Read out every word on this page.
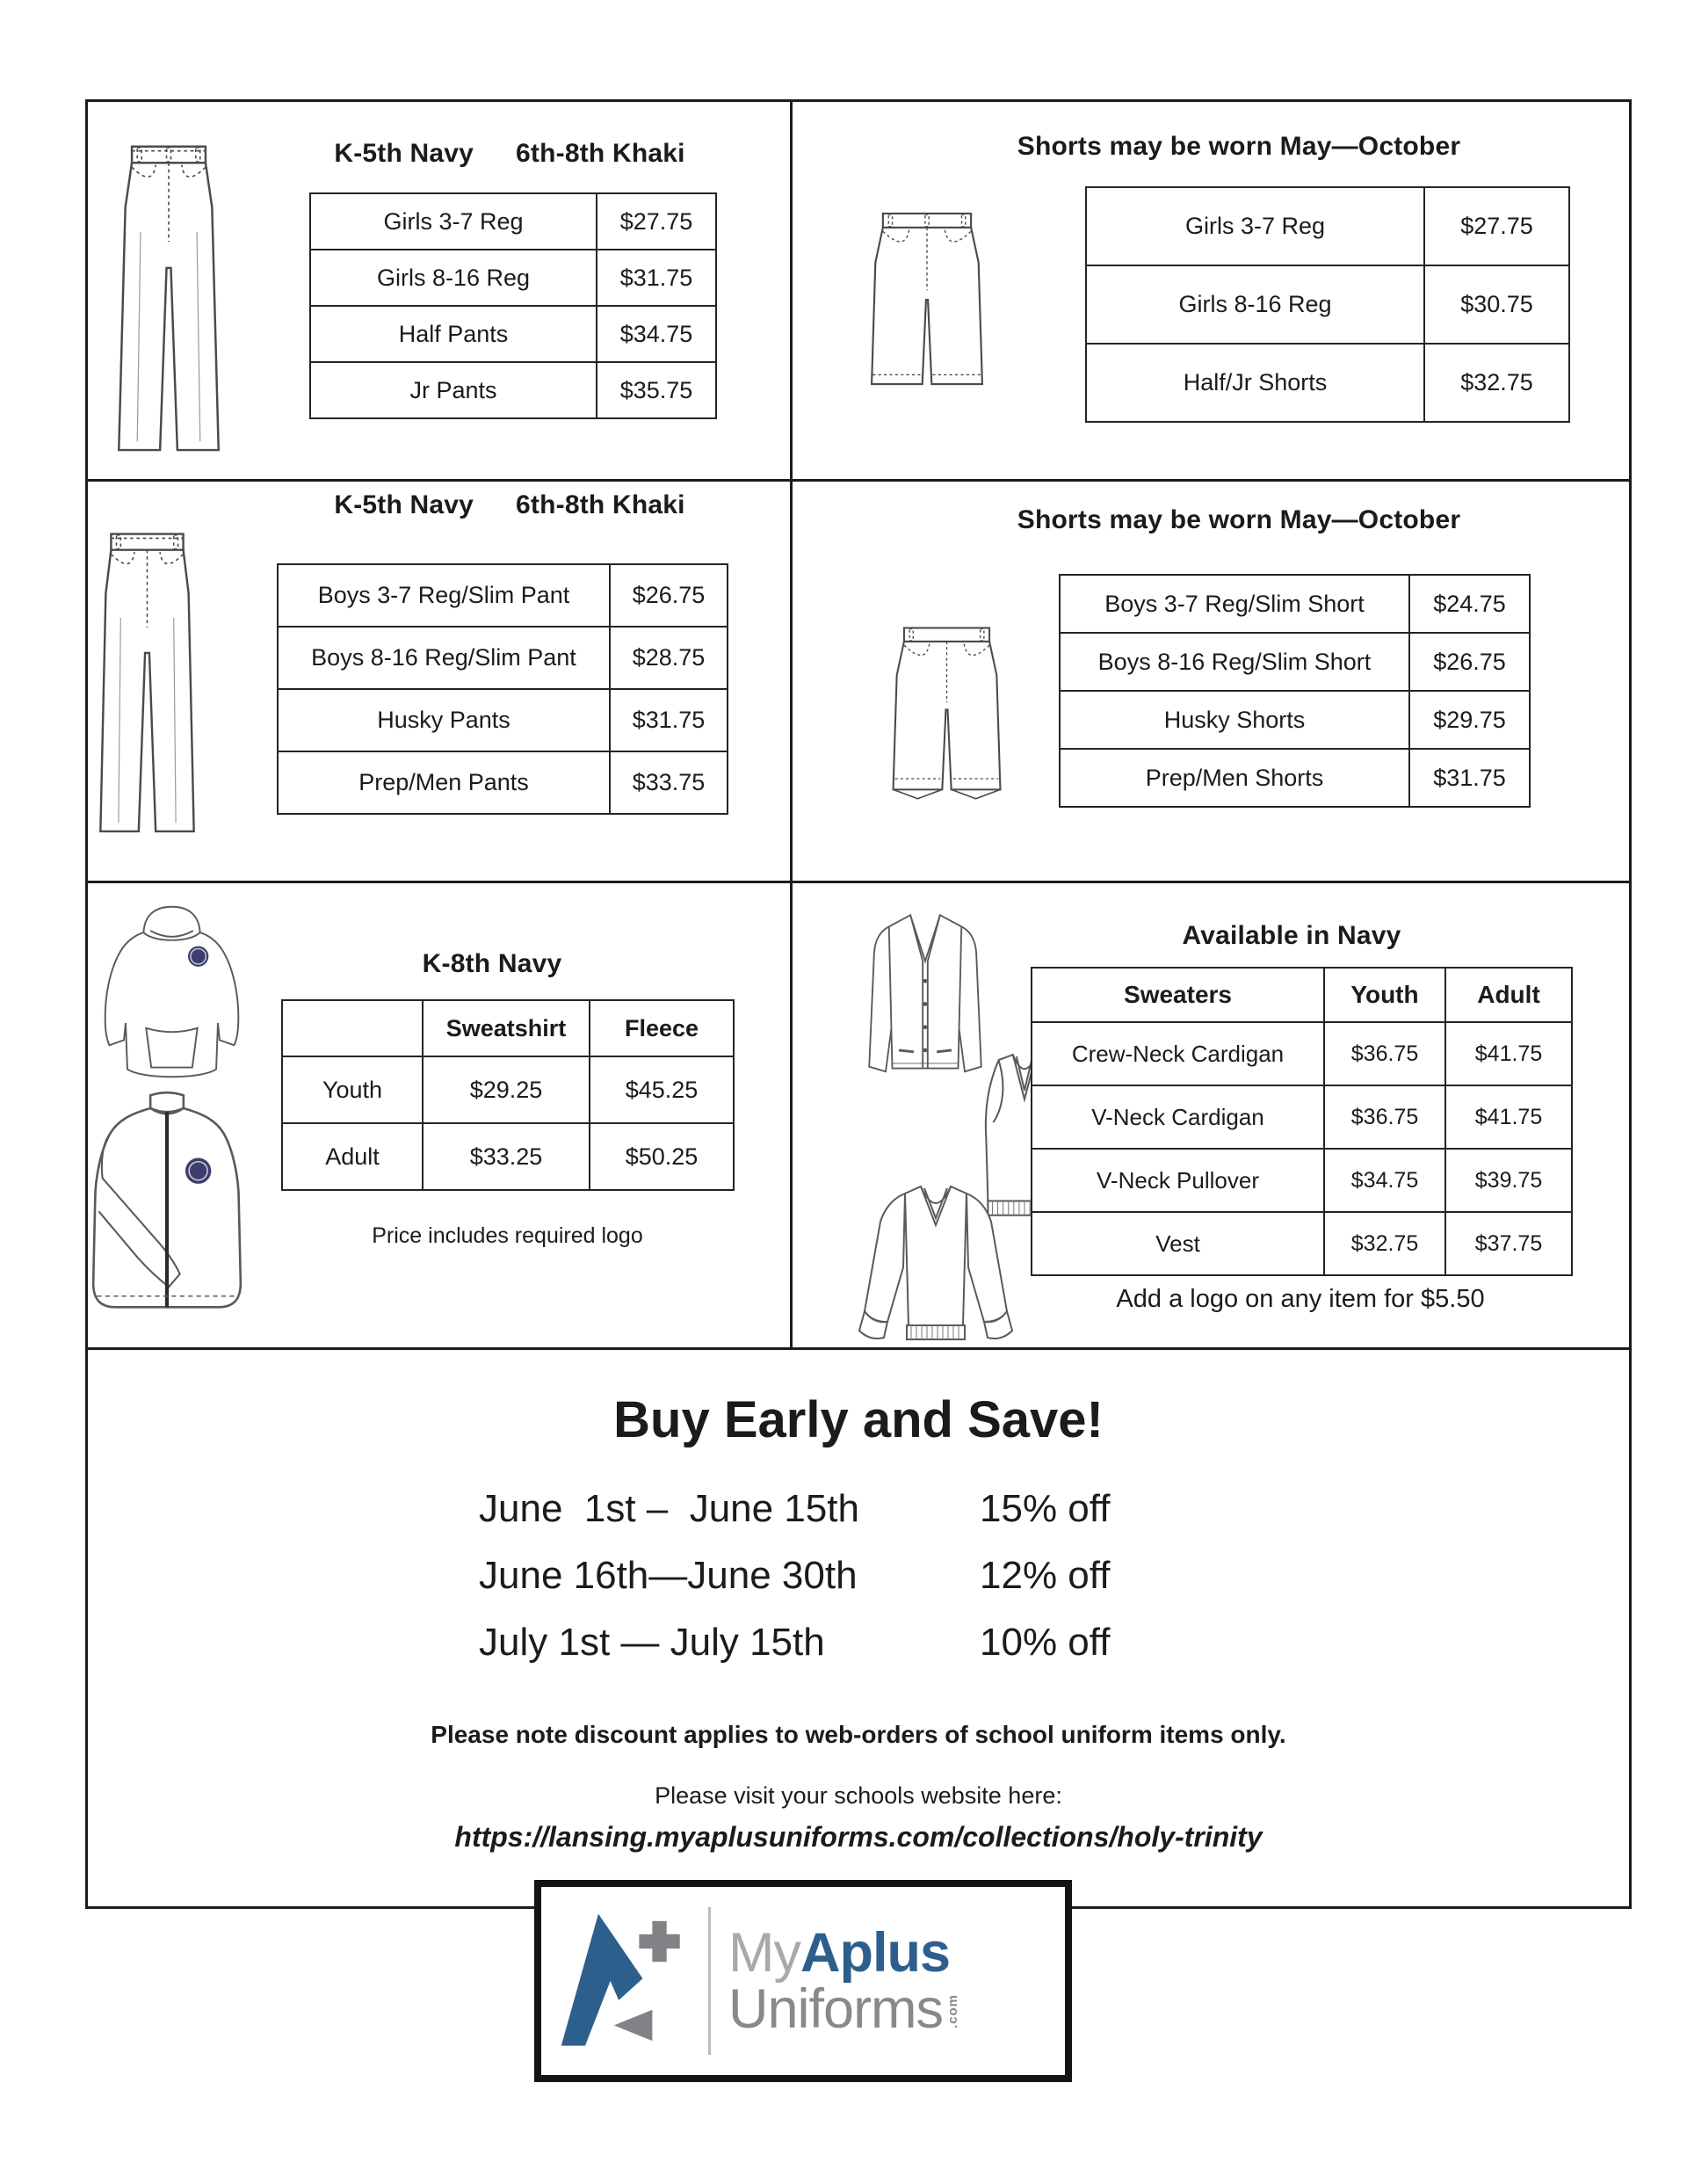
K-5th Navy 6th-8th Khaki
Girls 3-7 Reg	$27.75
Girls 8-16 Reg	$31.75
Half Pants	$34.75
Jr Pants	$35.75
Shorts may be worn May—October
Girls 3-7 Reg	$27.75
Girls 8-16 Reg	$30.75
Half/Jr Shorts	$32.75
K-5th Navy 6th-8th Khaki
Boys 3-7 Reg/Slim Pant	$26.75
Boys 8-16 Reg/Slim Pant	$28.75
Husky Pants	$31.75
Prep/Men Pants	$33.75
Shorts may be worn May—October
Boys 3-7 Reg/Slim Short	$24.75
Boys 8-16 Reg/Slim Short	$26.75
Husky Shorts	$29.75
Prep/Men Shorts	$31.75
K-8th Navy
	Sweatshirt	Fleece
Youth	$29.25	$45.25
Adult	$33.25	$50.25
Price includes required logo
Available in Navy
Sweaters	Youth	Adult
Crew-Neck Cardigan	$36.75	$41.75
V-Neck Cardigan	$36.75	$41.75
V-Neck Pullover	$34.75	$39.75
Vest	$32.75	$37.75
Add a logo on any item for $5.50
Buy Early and Save!
June  1st –  June 15th	15% off
June 16th—June 30th	12% off
July 1st — July 15th	10% off
Please note discount applies to web-orders of school uniform items only.
Please visit your schools website here:
https://lansing.myaplusuniforms.com/collections/holy-trinity
MyAplus
Uniforms .com
